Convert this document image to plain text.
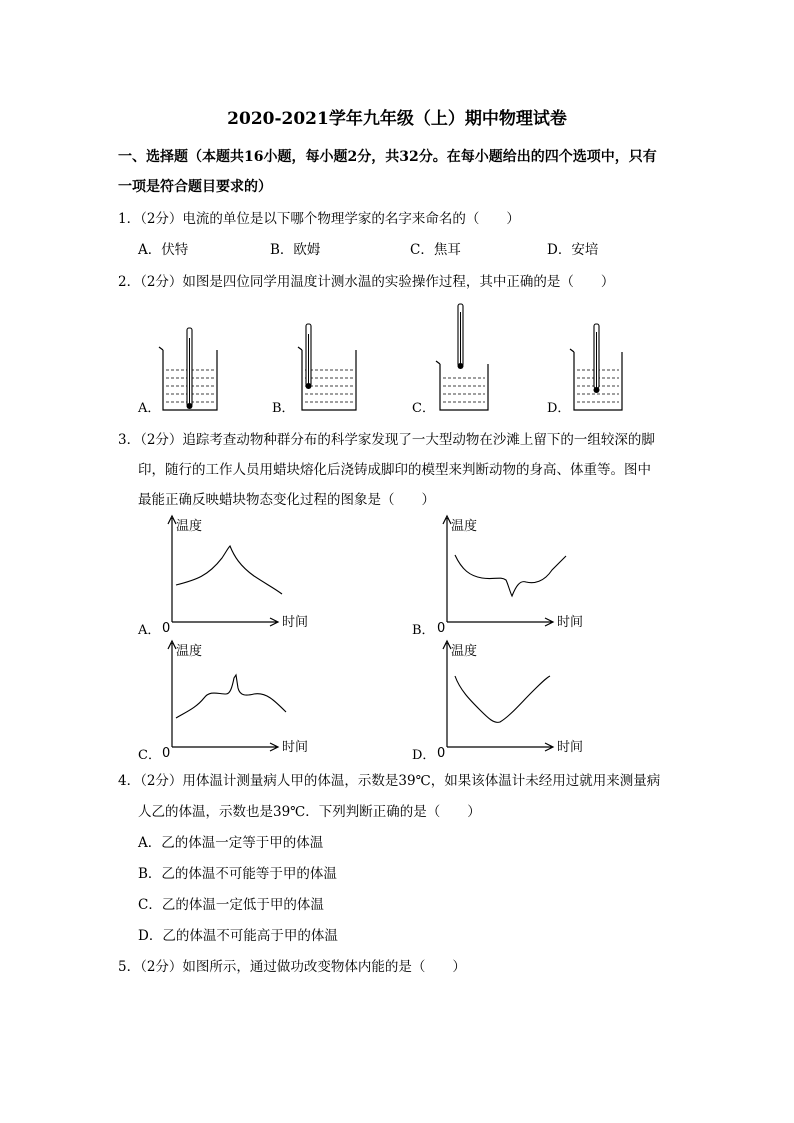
2020-2021学年九年级（上）期中物理试卷
一、选择题（本题共16小题，每小题2分，共32分。在每小题给出的四个选项中，只有
一项是符合题目要求的）
1．（2分）电流的单位是以下哪个物理学家的名字来命名的（　　）
A．伏特	B．欧姆	C．焦耳	D．安培
2．（2分）如图是四位同学用温度计测水温的实验操作过程，其中正确的是（　　）
温度
时间
0
温度
时间
0
温度
时间
0
温度
时间
0
A．	B．	C．	D．
3．（2分）追踪考查动物种群分布的科学家发现了一大型动物在沙滩上留下的一组较深的脚
印，随行的工作人员用蜡块熔化后浇铸成脚印的模型来判断动物的身高、体重等。图中
最能正确反映蜡块物态变化过程的图象是（　　）
A．	B．
C．	D．
4．（2分）用体温计测量病人甲的体温，示数是39℃，如果该体温计未经用过就用来测量病
人乙的体温，示数也是39℃．下列判断正确的是（　　）
A．乙的体温一定等于甲的体温
B．乙的体温不可能等于甲的体温
C．乙的体温一定低于甲的体温
D．乙的体温不可能高于甲的体温
5．（2分）如图所示，通过做功改变物体内能的是（　　）
